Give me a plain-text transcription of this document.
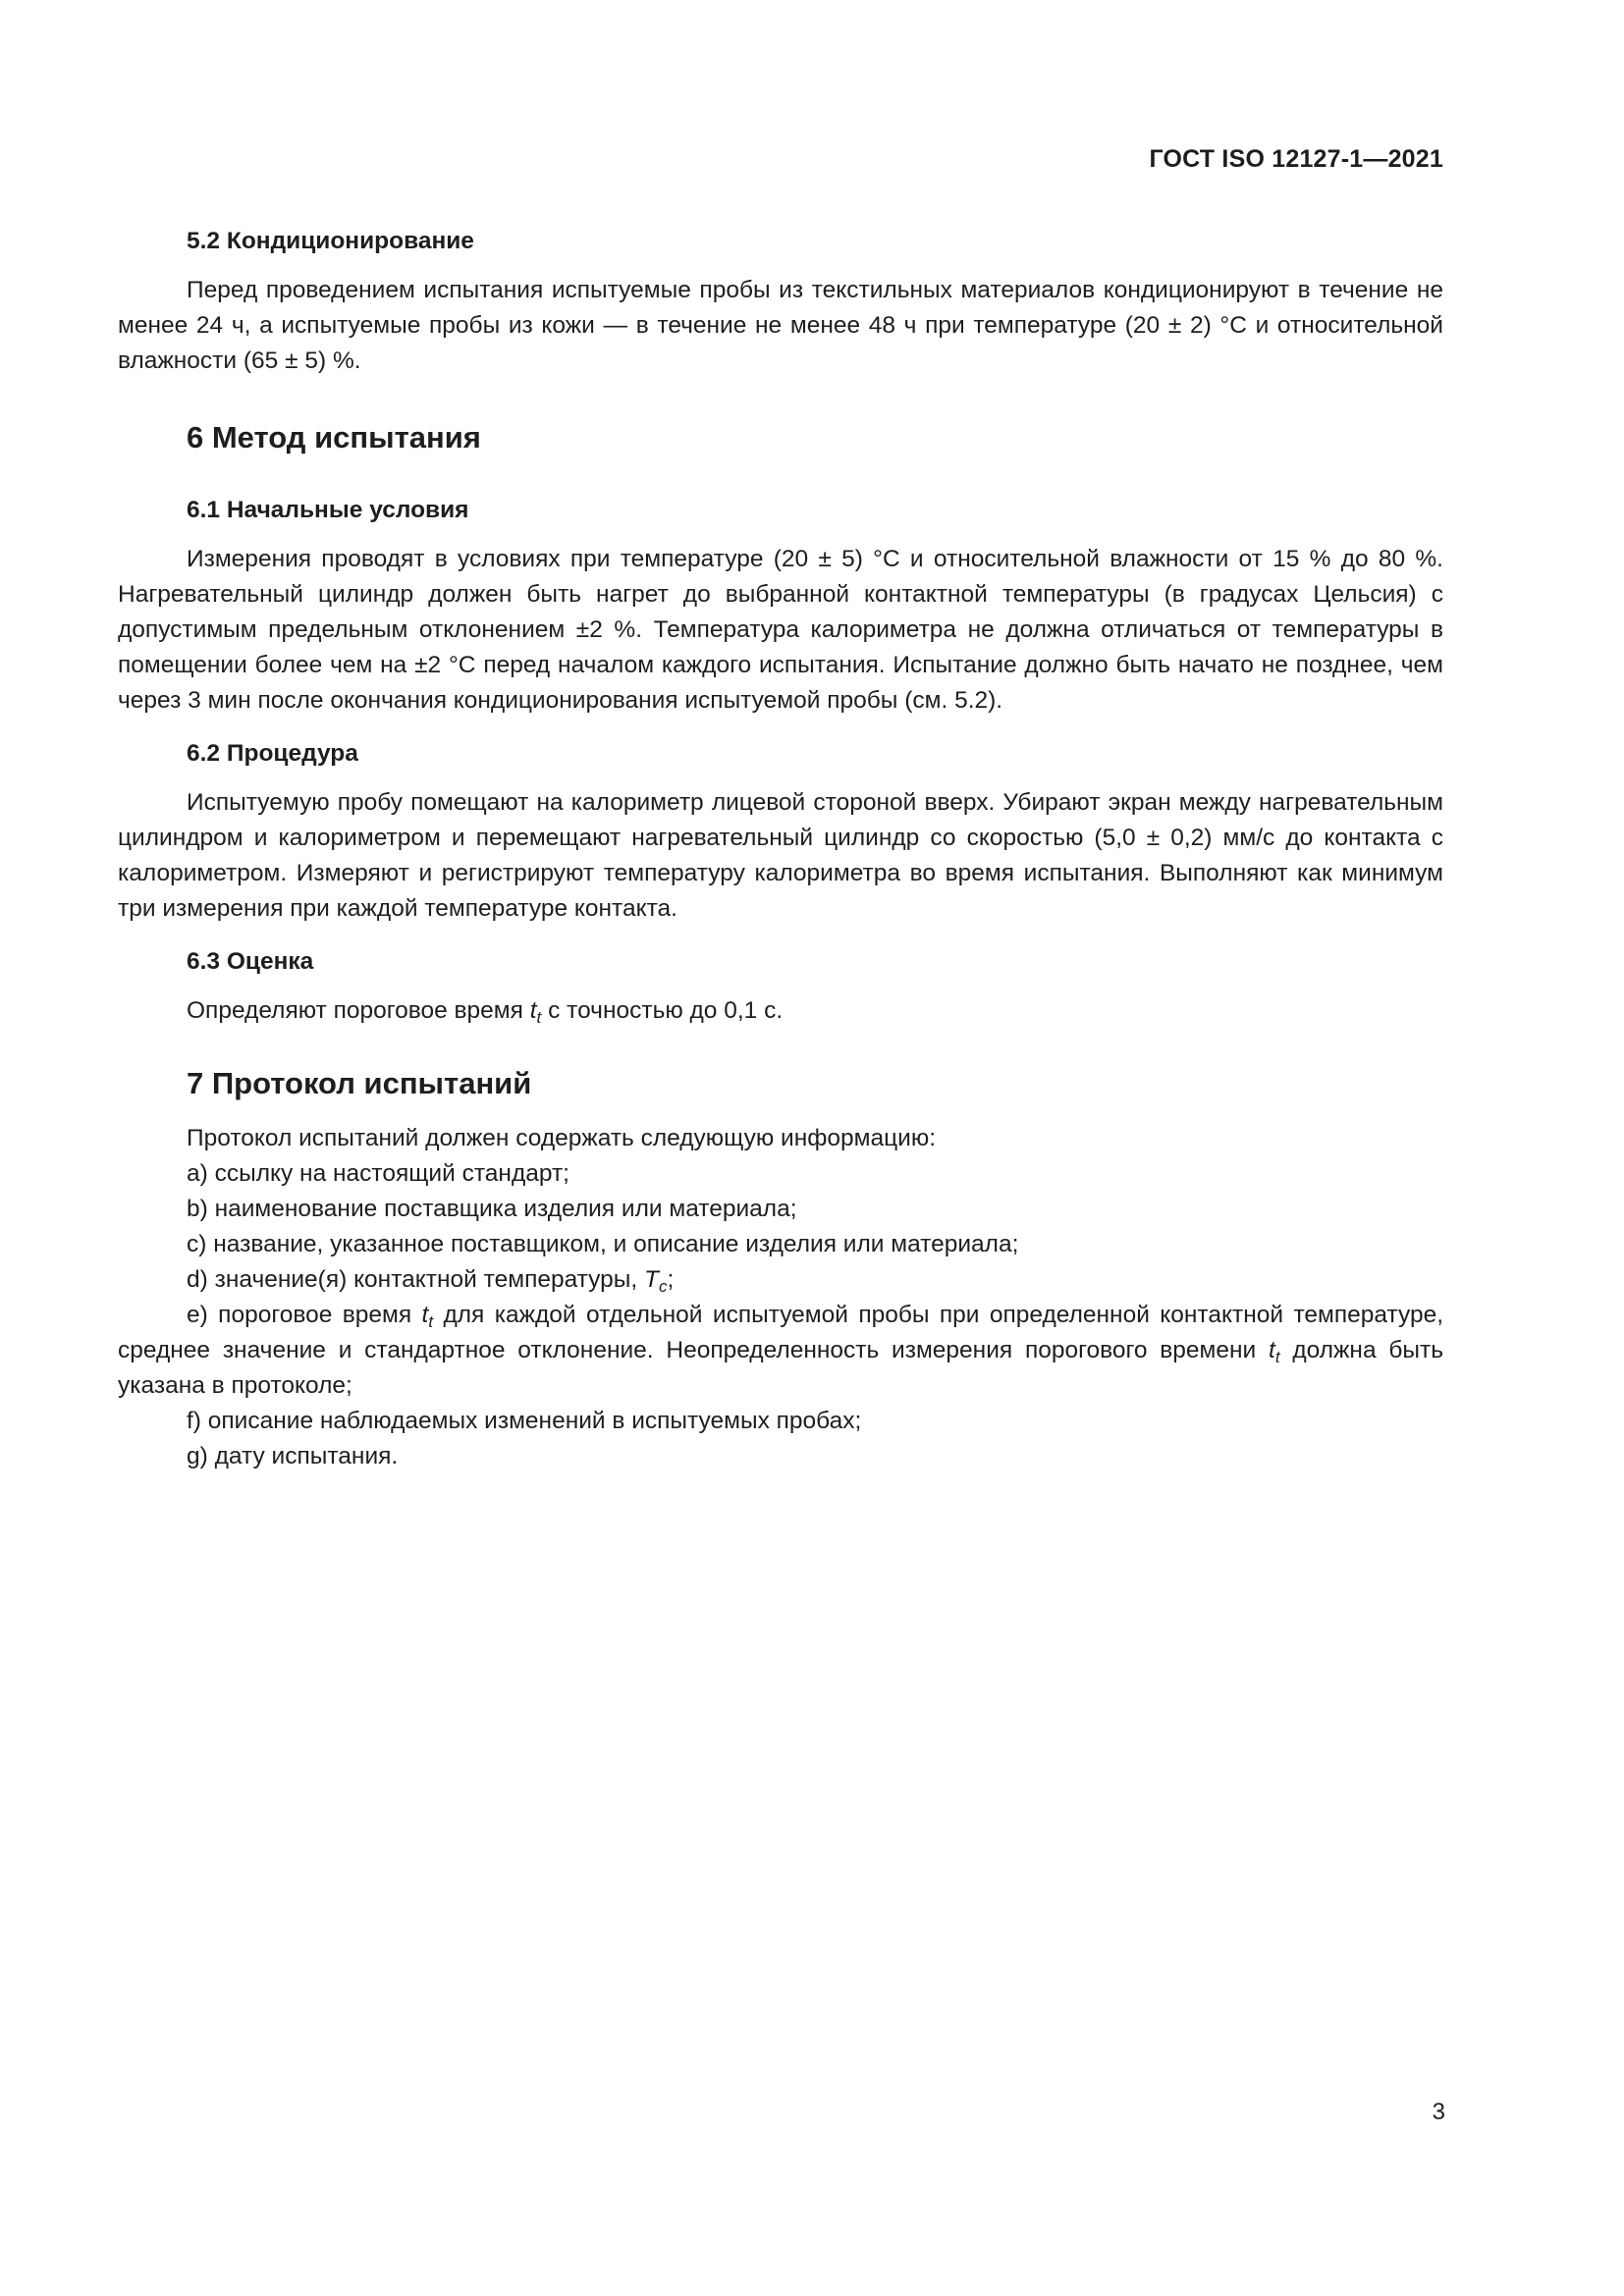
ГОСТ ISO 12127-1—2021
5.2 Кондиционирование

Перед проведением испытания испытуемые пробы из текстильных материалов кондиционируют в течение не менее 24 ч, а испытуемые пробы из кожи — в течение не менее 48 ч при температуре (20 ± 2) °С и относительной влажности (65 ± 5) %.

6 Метод испытания
6.1 Начальные условия

Измерения проводят в условиях при температуре (20 ± 5) °С и относительной влажности от 15 % до 80 %. Нагревательный цилиндр должен быть нагрет до выбранной контактной температуры (в градусах Цельсия) с допустимым предельным отклонением ±2 %. Температура калориметра не должна отличаться от температуры в помещении более чем на ±2 °С перед началом каждого испытания. Испытание должно быть начато не позднее, чем через 3 мин после окончания кондиционирования испытуемой пробы (см. 5.2).

6.2 Процедура

Испытуемую пробу помещают на калориметр лицевой стороной вверх. Убирают экран между нагревательным цилиндром и калориметром и перемещают нагревательный цилиндр со скоростью (5,0 ± 0,2) мм/с до контакта с калориметром. Измеряют и регистрируют температуру калориметра во время испытания. Выполняют как минимум три измерения при каждой температуре контакта.

6.3 Оценка

Определяют пороговое время $t_t$ с точностью до 0,1 с.

7 Протокол испытаний

Протокол испытаний должен содержать следующую информацию:

a) ссылку на настоящий стандарт;

b) наименование поставщика изделия или материала;

c) название, указанное поставщиком, и описание изделия или материала;

d) значение(я) контактной температуры, $T_c$;

e) пороговое время $t_t$ для каждой отдельной испытуемой пробы при определенной контактной температуре, среднее значение и стандартное отклонение. Неопределенность измерения порогового времени $t_t$ должна быть указана в протоколе;

f) описание наблюдаемых изменений в испытуемых пробах;

g) дату испытания.

3
